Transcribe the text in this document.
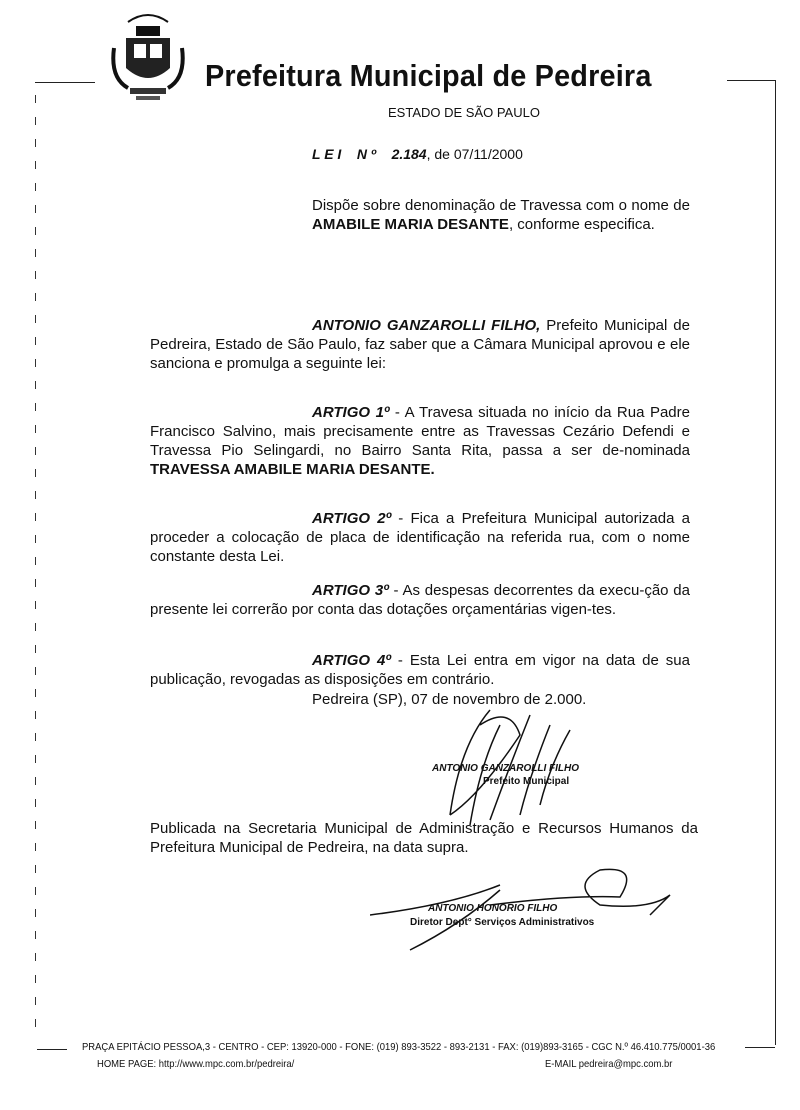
Prefeitura Municipal de Pedreira
ESTADO DE SÃO PAULO
L E I N º 2.184, de 07/11/2000
Dispõe sobre denominação de Travessa com o nome de AMABILE MARIA DESANTE, conforme especifica.
ANTONIO GANZAROLLI FILHO, Prefeito Municipal de Pedreira, Estado de São Paulo, faz saber que a Câmara Municipal aprovou e ele sanciona e promulga a seguinte lei:
ARTIGO 1º - A Travesa situada no início da Rua Padre Francisco Salvino, mais precisamente entre as Travessas Cezário Defendi e Travessa Pio Selingardi, no Bairro Santa Rita, passa a ser de-nominada TRAVESSA AMABILE MARIA DESANTE.
ARTIGO 2º - Fica a Prefeitura Municipal autorizada a proceder a colocação de placa de identificação na referida rua, com o nome constante desta Lei.
ARTIGO 3º - As despesas decorrentes da execu-ção da presente lei correrão por conta das dotações orçamentárias vigen-tes.
ARTIGO 4º - Esta Lei entra em vigor na data de sua publicação, revogadas as disposições em contrário.
Pedreira (SP), 07 de novembro de 2.000.
ANTONIO GANZAROLLI FILHO
Prefeito Municipal
Publicada na Secretaria Municipal de Administração e Recursos Humanos da Prefeitura Municipal de Pedreira, na data supra.
ANTONIO HONORIO FILHO
Diretor Dept° Serviços Administrativos
PRAÇA EPITÁCIO PESSOA,3 - CENTRO - CEP: 13920-000 - FONE: (019) 893-3522 - 893-2131 - FAX: (019)893-3165 - CGC N.º 46.410.775/0001-36
HOME PAGE: http://www.mpc.com.br/pedreira/	E-MAIL pedreira@mpc.com.br
